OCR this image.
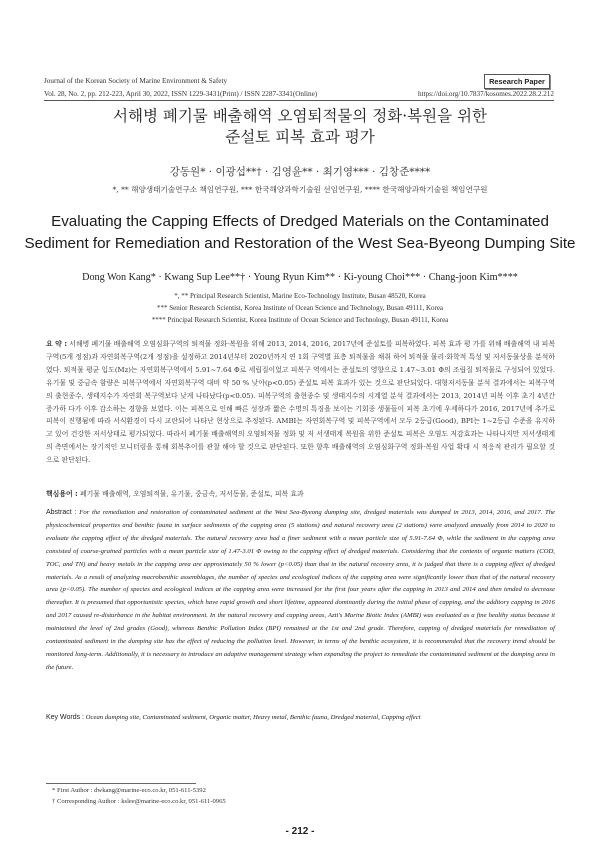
Journal of the Korean Society of Marine Environment & Safety	Research Paper
Vol. 28, No. 2, pp. 212-223, April 30, 2022, ISSN 1229-3431(Print) / ISSN 2287-3341(Online)	https://doi.org/10.7837/kosomes.2022.28.2.212
서해병 폐기물 배출해역 오염퇴적물의 정화·복원을 위한
준설토 피복 효과 평가
강동원* · 이광섭**† · 김영윤** · 최기영*** · 김창준****
*, ** 해양생태기술연구소 책임연구원, *** 한국해양과학기술원 선임연구원, **** 한국해양과학기술원 책임연구원
Evaluating the Capping Effects of Dredged Materials on the Contaminated
Sediment for Remediation and Restoration of the West Sea-Byeong Dumping Site
Dong Won Kang* · Kwang Sup Lee**† · Young Ryun Kim** · Ki-young Choi*** · Chang-joon Kim****
*, ** Principal Research Scientist, Marine Eco-Technology Institute, Busan 48520, Korea
*** Senior Research Scientist, Korea Institute of Ocean Science and Technology, Busan 49111, Korea
**** Principal Research Scientist, Korea Institute of Ocean Science and Technology, Busan 49111, Korea
요 약 : 서해병 폐기물 배출해역 오염심화구역의 퇴적물 정화·복원을 위해 2013, 2014, 2016, 2017년에 준설토를 피복하였다. 피복 효과 평 가를 위해 배출해역 내 피복구역(5개 정점)과 자연회복구역(2개 정점)을 설정하고 2014년부터 2020년까지 연 1회 구역별 표층 퇴적물을 채취 하여 퇴적물 물리·화학적 특성 및 저서동물상을 분석하였다. 퇴적물 평균 입도(Mz)는 자연회복구역에서 5.91~7.64 Φ로 세립질이었고 피복구 역에서는 준설토의 영향으로 1.47~3.01 Φ의 조립질 퇴적물로 구성되어 있었다. 유기물 및 중금속 함량은 피복구역에서 자연회복구역 대비 약 50 % 낮아(p<0.05) 준설토 피복 효과가 있는 것으로 판단되었다. 대형저서동물 분석 결과에서는 피복구역의 출현종수, 생태지수가 자연회 복구역보다 낮게 나타났다(p<0.05). 피복구역의 출현종수 및 생태지수의 시계열 분석 결과에서는 2013, 2014년 피복 이후 초기 4년간 증가하 다가 이후 감소하는 경향을 보였다. 이는 피복으로 인해 빠른 성장과 짧은 수명의 특징을 보이는 기회종 생물들이 피복 초기에 우세하다가 2016, 2017년에 추가로 피복이 진행됨에 따라 서식환경이 다시 교란되어 나타난 현상으로 추정된다. AMBI는 자연회복구역 및 피복구역에서 모두 2등급(Good), BPI는 1~2등급 수준을 유지하고 있어 건강한 저서상태로 평가되었다. 따라서 폐기물 배출해역의 오염퇴적물 정화 및 저 서생태계 복원을 위한 준설토 피복은 오염도 저감효과는 나타나지만 저서생태계의 측면에서는 장기적인 모니터링을 통해 회복추이를 관찰 해야 할 것으로 판단된다. 또한 향후 배출해역의 오염심화구역 정화·복원 사업 확대 시 적응적 관리가 필요할 것으로 판단된다.
핵심용어 : 폐기물 배출해역, 오염퇴적물, 유기물, 중금속, 저서동물, 준설토, 피복 효과
Abstract : For the remediation and restoration of contaminated sediment at the West Sea-Byeong dumping site, dredged materials was dumped in 2013, 2014, 2016, and 2017. The physicochemical properties and benthic fauna in surface sediments of the capping area (5 stations) and natural recovery area (2 stations) were analyzed annually from 2014 to 2020 to evaluate the capping effect of the dredged materials. The natural recovery area had a finer sediment with a mean particle size of 5.91-7.64 Φ, while the sediment in the capping area consisted of coarse-grained particles with a mean particle size of 1.47-3.01 Φ owing to the capping effect of dredged materials. Considering that the contents of organic matters (COD, TOC, and TN) and heavy metals in the capping area are approximately 50 % lower (p<0.05) than that in the natural recovery area, it is judged that there is a capping effect of dredged materials. As a result of analyzing macrobenthic assemblages, the number of species and ecological indices of the capping area were significantly lower than that of the natural recovery area (p<0.05). The number of species and ecological indices at the capping area were increased for the first four years after the capping in 2013 and 2014 and then tended to decrease thereafter. It is presumed that opportunistic species, which have rapid growth and short lifetime, appeared dominantly during the initial phase of capping, and the additory capping in 2016 and 2017 caused re-disturbance in the habitat environment. In the natural recovery and capping areas, Azti's Marine Biotic Index (AMBI) was evaluated as a fine healthy status because it maintained the level of 2nd grades (Good), whereas Benthic Pollution Index (BPI) remained at the 1st and 2nd grade. Therefore, capping of dredged materials for remediation of contaminated sediment in the dumping site has the effect of reducing the pollution level. However, in terms of the benthic ecosystem, it is recommended that the recovery trend should be monitored long-term. Additionally, it is necessary to introduce an adaptive management strategy when expanding the project to remediate the contaminated sediment at the dumping area in the future.
Key Words : Ocean dumping site, Contaminated sediment, Organic matter, Heavy metal, Benthic fauna, Dredged material, Capping effect
* First Author : dwkang@marine-eco.co.kr, 051-611-5392
† Corresponding Author : kslee@marine-eco.co.kr, 051-611-0965
- 212 -
